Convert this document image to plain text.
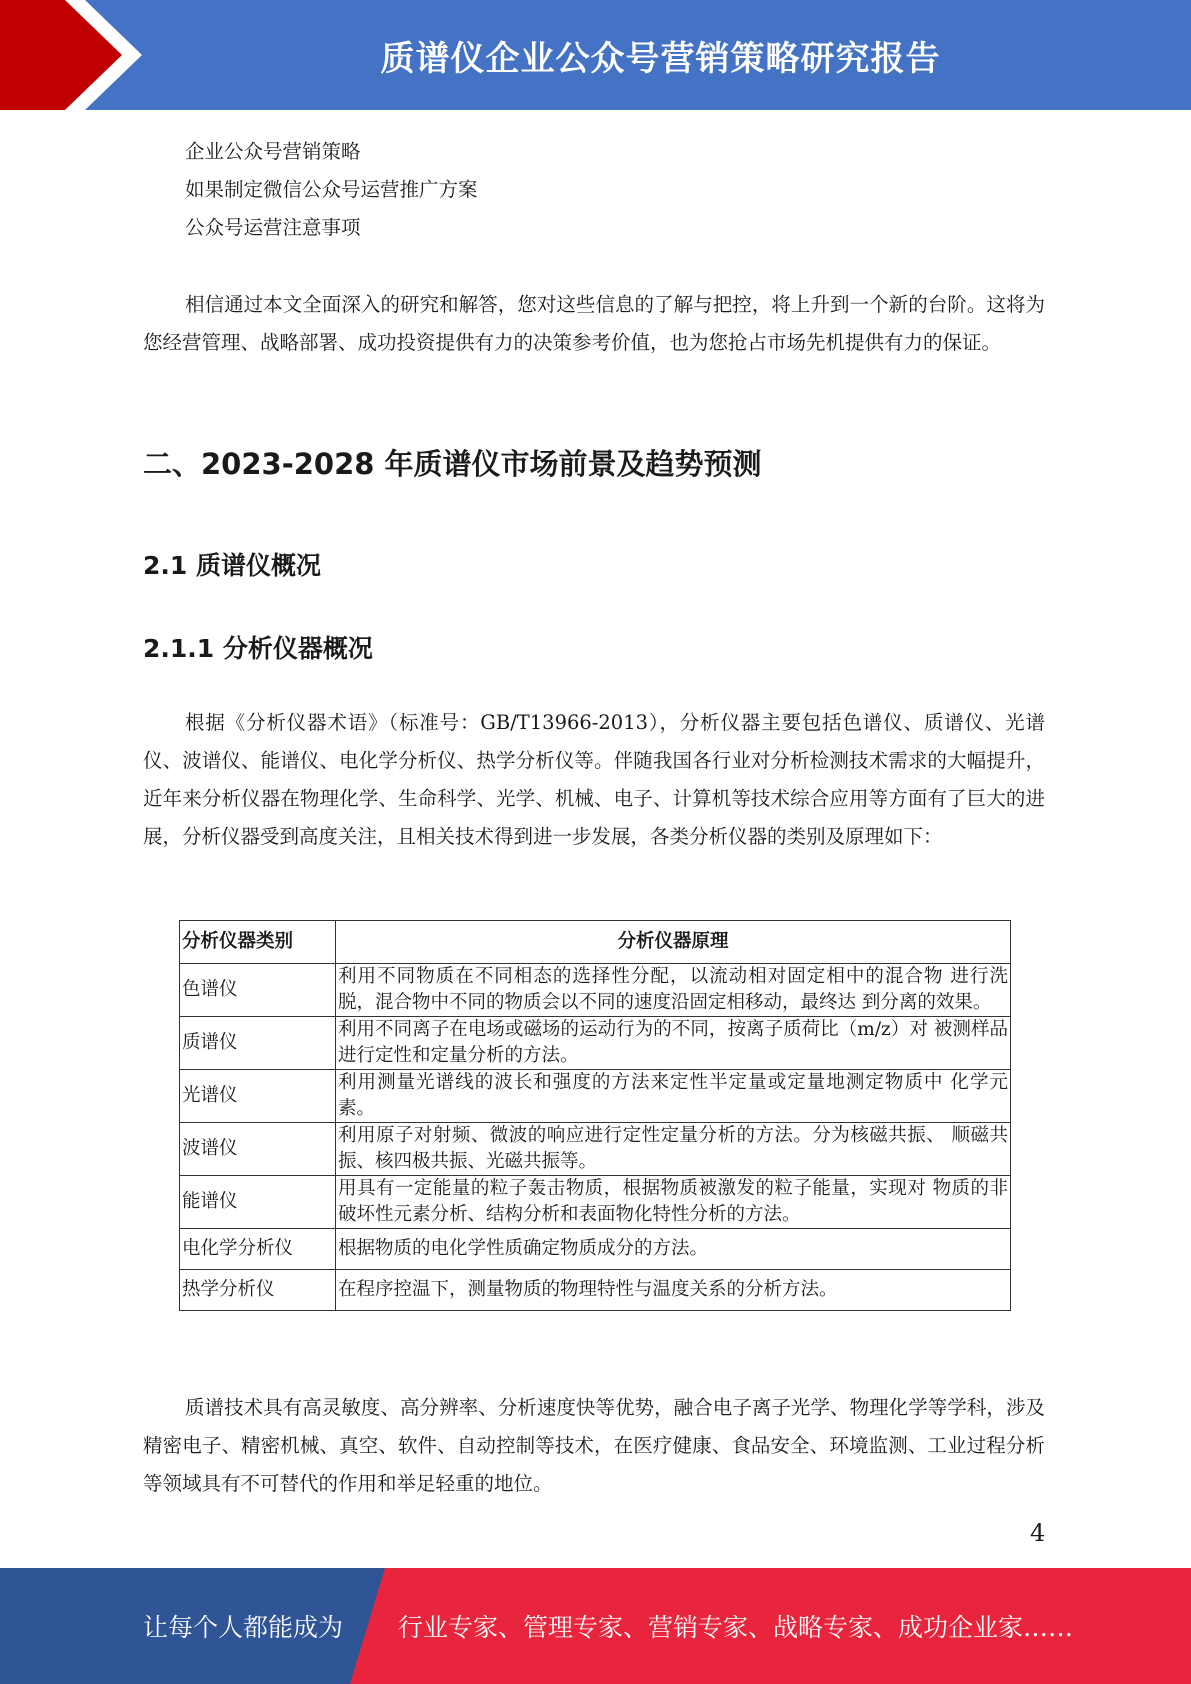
质谱仪企业公众号营销策略研究报告
企业公众号营销策略
如果制定微信公众号运营推广方案
公众号运营注意事项

相信通过本文全面深入的研究和解答，您对这些信息的了解与把控，将上升到一个新的台阶。这将为您经营管理、战略部署、成功投资提供有力的决策参考价值，也为您抢占市场先机提供有力的保证。

二、2023-2028 年质谱仪市场前景及趋势预测
2.1 质谱仪概况
2.1.1 分析仪器概况

根据《分析仪器术语》（标准号：GB/T13966-2013），分析仪器主要包括色谱仪、质谱仪、光谱仪、波谱仪、能谱仪、电化学分析仪、热学分析仪等。伴随我国各行业对分析检测技术需求的大幅提升，近年来分析仪器在物理化学、生命科学、光学、机械、电子、计算机等技术综合应用等方面有了巨大的进展，分析仪器受到高度关注，且相关技术得到进一步发展，各类分析仪器的类别及原理如下：

分析仪器类别	分析仪器原理
色谱仪	利用不同物质在不同相态的选择性分配，以流动相对固定相中的混合物 进行洗脱，混合物中不同的物质会以不同的速度沿固定相移动，最终达 到分离的效果。
质谱仪	利用不同离子在电场或磁场的运动行为的不同，按离子质荷比（m/z）对 被测样品进行定性和定量分析的方法。
光谱仪	利用测量光谱线的波长和强度的方法来定性半定量或定量地测定物质中 化学元素。
波谱仪	利用原子对射频、微波的响应进行定性定量分析的方法。分为核磁共振、 顺磁共振、核四极共振、光磁共振等。
能谱仪	用具有一定能量的粒子轰击物质，根据物质被激发的粒子能量，实现对 物质的非破坏性元素分析、结构分析和表面物化特性分析的方法。
电化学分析仪	根据物质的电化学性质确定物质成分的方法。
热学分析仪	在程序控温下，测量物质的物理特性与温度关系的分析方法。

质谱技术具有高灵敏度、高分辨率、分析速度快等优势，融合电子离子光学、物理化学等学科，涉及精密电子、精密机械、真空、软件、自动控制等技术，在医疗健康、食品安全、环境监测、工业过程分析等领域具有不可替代的作用和举足轻重的地位。

4
让每个人都能成为 行业专家、管理专家、营销专家、战略专家、成功企业家……
